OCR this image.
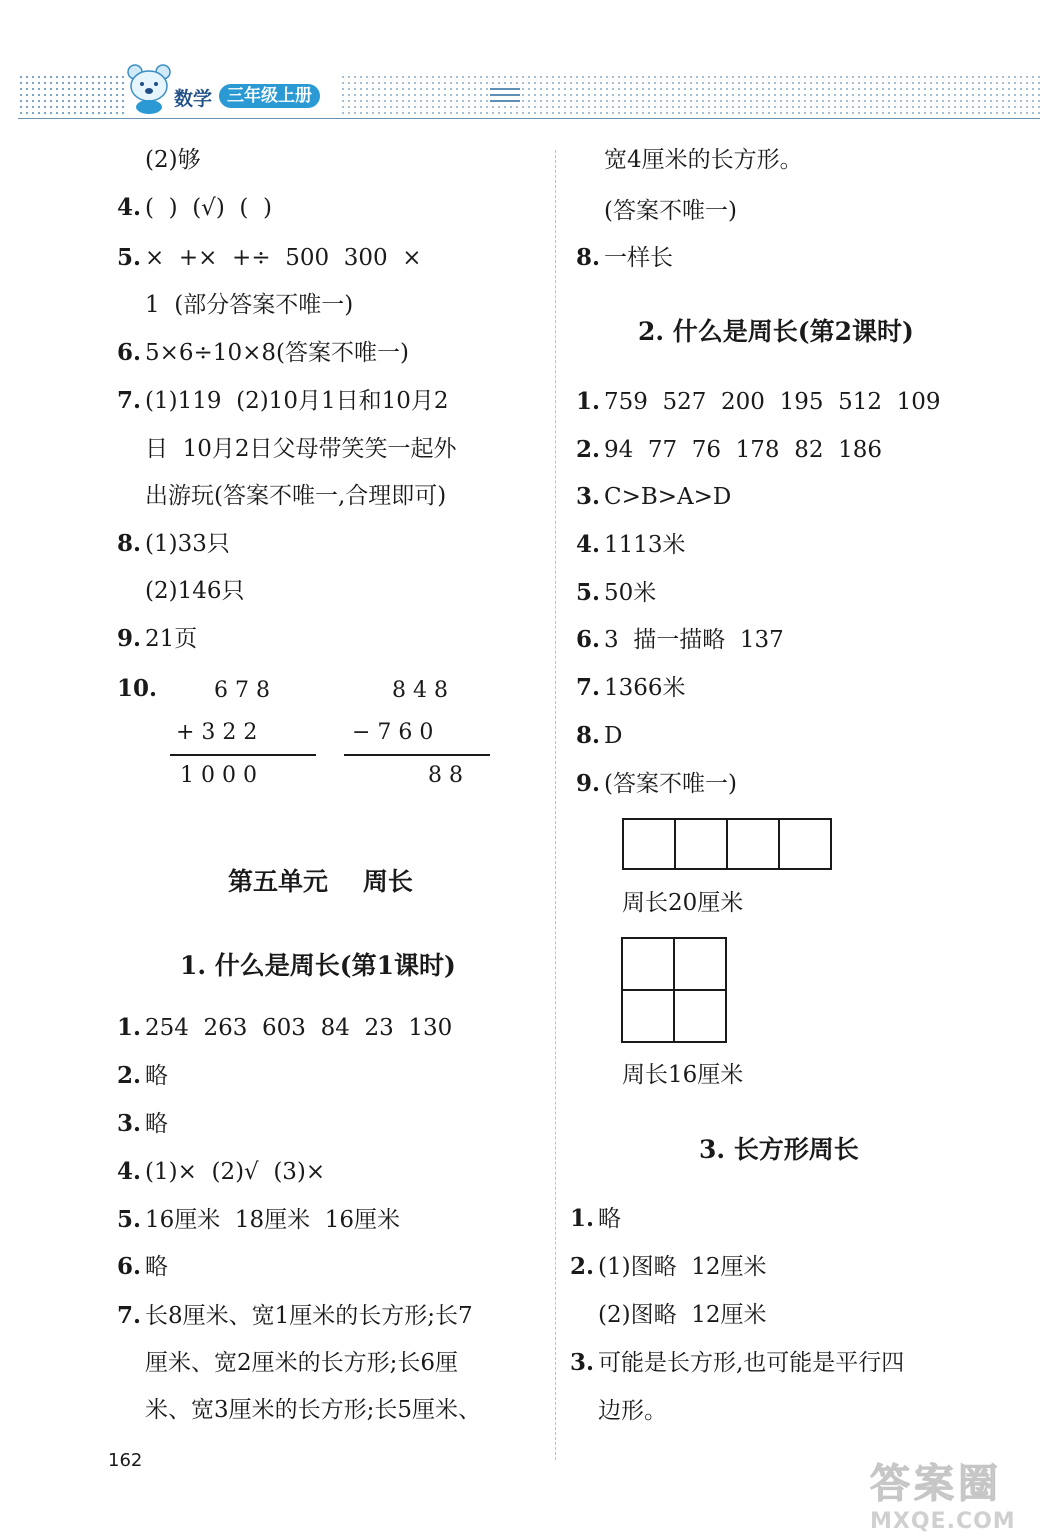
数学 三年级上册
(2)够
4. (  )  (√)  (  )
5. ×  +×  +÷  500  300  ×
1  (部分答案不唯一)
6. 5×6÷10×8(答案不唯一)
7. (1)119  (2)10月1日和10月2
日  10月2日父母带笑笑一起外
出游玩(答案不唯一,合理即可)
8. (1)33只
(2)146只
9. 21页
10.	6 7 8
+ 3 2 2
1 0 0 0
8 4 8
− 7 6 0
8 8
第五单元    周长
1. 什么是周长(第1课时)
1. 254  263  603  84  23  130
2. 略
3. 略
4. (1)×  (2)√  (3)×
5. 16厘米  18厘米  16厘米
6. 略
7. 长8厘米、宽1厘米的长方形;长7
厘米、宽2厘米的长方形;长6厘
米、宽3厘米的长方形;长5厘米、
宽4厘米的长方形。
(答案不唯一)
8. 一样长
2. 什么是周长(第2课时)
1. 759  527  200  195  512  109
2. 94  77  76  178  82  186
3. C>B>A>D
4. 1113米
5. 50米
6. 3  描一描略  137
7. 1366米
8. D
9. (答案不唯一)
周长20厘米
周长16厘米
3. 长方形周长
1. 略
2. (1)图略  12厘米
(2)图略  12厘米
3. 可能是长方形,也可能是平行四
边形。
162
答案圈
MXQE.COM
